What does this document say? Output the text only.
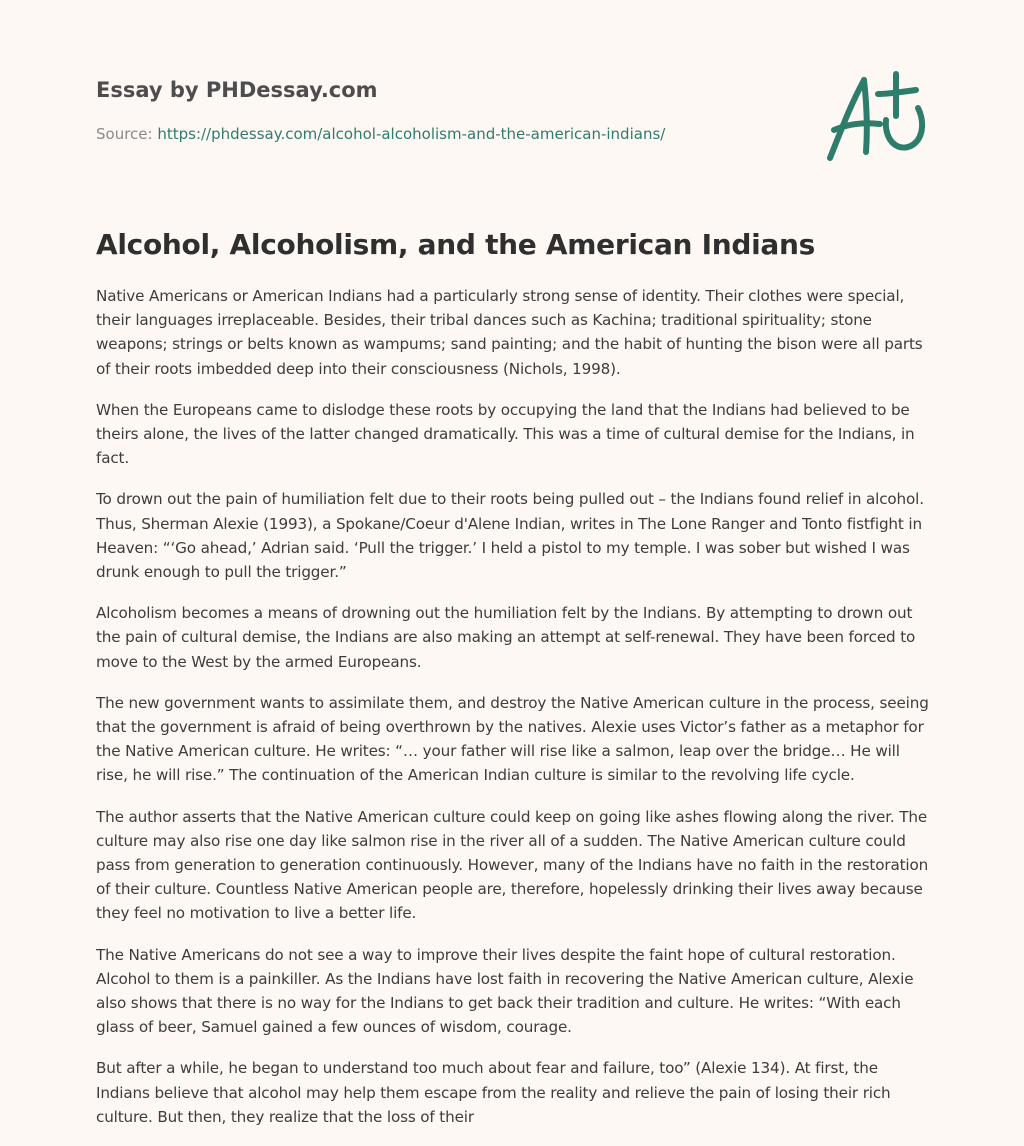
Essay by PHDessay.com

Source: https://phdessay.com/alcohol-alcoholism-and-the-american-indians/
Alcohol, Alcoholism, and the American Indians

Native Americans or American Indians had a particularly strong sense of identity. Their clothes were special, their languages irreplaceable. Besides, their tribal dances such as Kachina; traditional spirituality; stone weapons; strings or belts known as wampums; sand painting; and the habit of hunting the bison were all parts of their roots imbedded deep into their consciousness (Nichols, 1998).

When the Europeans came to dislodge these roots by occupying the land that the Indians had believed to be theirs alone, the lives of the latter changed dramatically. This was a time of cultural demise for the Indians, in fact.

To drown out the pain of humiliation felt due to their roots being pulled out – the Indians found relief in alcohol. Thus, Sherman Alexie (1993), a Spokane/Coeur d'Alene Indian, writes in The Lone Ranger and Tonto fistfight in Heaven: “‘Go ahead,’ Adrian said. ‘Pull the trigger.’ I held a pistol to my temple. I was sober but wished I was drunk enough to pull the trigger.”

Alcoholism becomes a means of drowning out the humiliation felt by the Indians. By attempting to drown out the pain of cultural demise, the Indians are also making an attempt at self-renewal. They have been forced to move to the West by the armed Europeans.

The new government wants to assimilate them, and destroy the Native American culture in the process, seeing that the government is afraid of being overthrown by the natives. Alexie uses Victor’s father as a metaphor for the Native American culture. He writes: “… your father will rise like a salmon, leap over the bridge… He will rise, he will rise.” The continuation of the American Indian culture is similar to the revolving life cycle.

The author asserts that the Native American culture could keep on going like ashes flowing along the river. The culture may also rise one day like salmon rise in the river all of a sudden. The Native American culture could pass from generation to generation continuously. However, many of the Indians have no faith in the restoration of their culture. Countless Native American people are, therefore, hopelessly drinking their lives away because they feel no motivation to live a better life.

The Native Americans do not see a way to improve their lives despite the faint hope of cultural restoration. Alcohol to them is a painkiller. As the Indians have lost faith in recovering the Native American culture, Alexie also shows that there is no way for the Indians to get back their tradition and culture. He writes: “With each glass of beer, Samuel gained a few ounces of wisdom, courage.

But after a while, he began to understand too much about fear and failure, too” (Alexie 134). At first, the Indians believe that alcohol may help them escape from the reality and relieve the pain of losing their rich culture. But then, they realize that the loss of their
